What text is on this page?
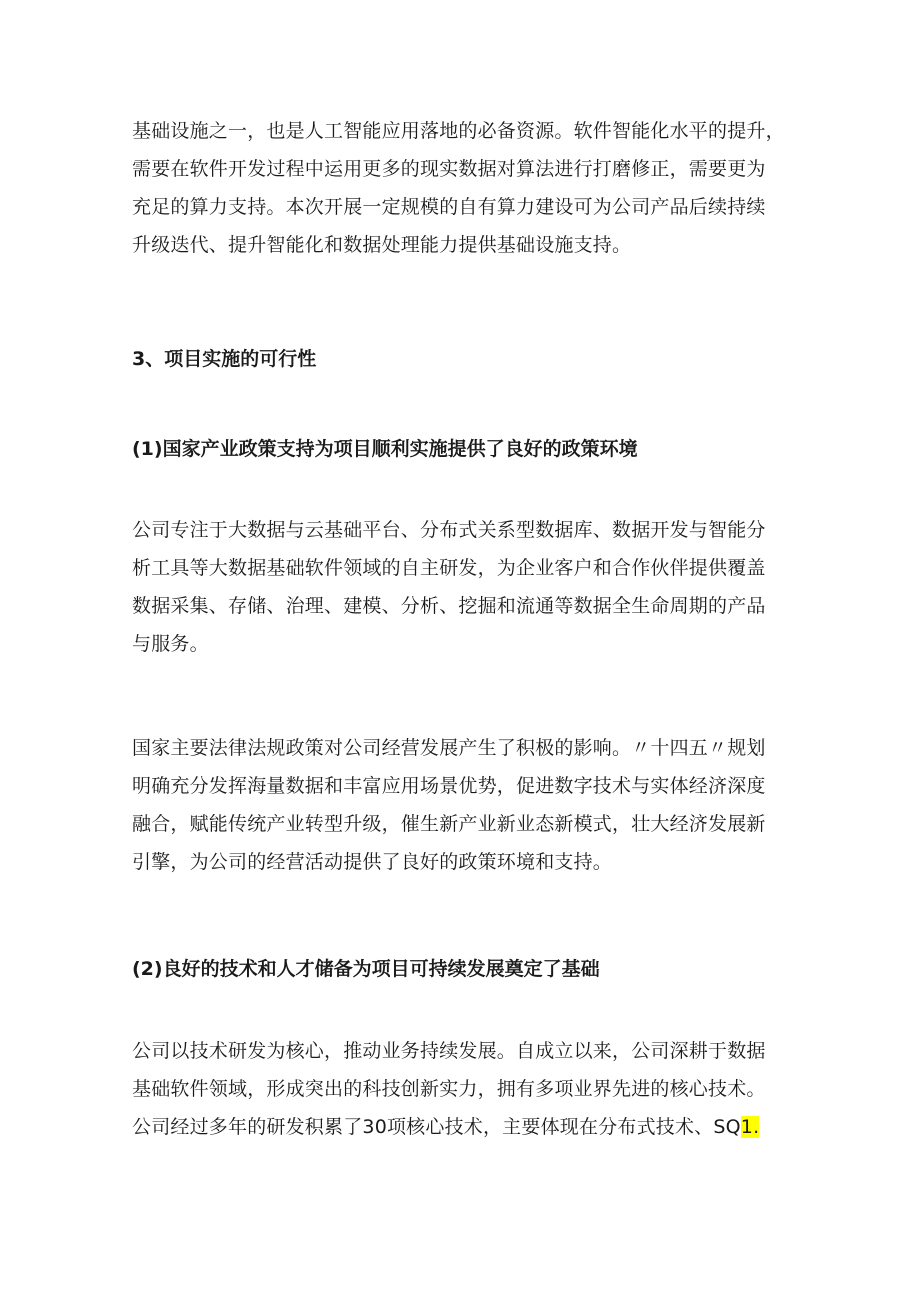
基础设施之一，也是人工智能应用落地的必备资源。软件智能化水平的提升，
需要在软件开发过程中运用更多的现实数据对算法进行打磨修正，需要更为
充足的算力支持。本次开展一定规模的自有算力建设可为公司产品后续持续
升级迭代、提升智能化和数据处理能力提供基础设施支持。

3、项目实施的可行性
(1)国家产业政策支持为项目顺利实施提供了良好的政策环境

公司专注于大数据与云基础平台、分布式关系型数据库、数据开发与智能分
析工具等大数据基础软件领域的自主研发，为企业客户和合作伙伴提供覆盖
数据采集、存储、治理、建模、分析、挖掘和流通等数据全生命周期的产品
与服务。

国家主要法律法规政策对公司经营发展产生了积极的影响。〃十四五〃规划
明确充分发挥海量数据和丰富应用场景优势，促进数字技术与实体经济深度
融合，赋能传统产业转型升级，催生新产业新业态新模式，壮大经济发展新
引擎，为公司的经营活动提供了良好的政策环境和支持。

(2)良好的技术和人才储备为项目可持续发展奠定了基础

公司以技术研发为核心，推动业务持续发展。自成立以来，公司深耕于数据
基础软件领域，形成突出的科技创新实力，拥有多项业界先进的核心技术。
公司经过多年的研发积累了30项核心技术，主要体现在分布式技术、SQ1.
